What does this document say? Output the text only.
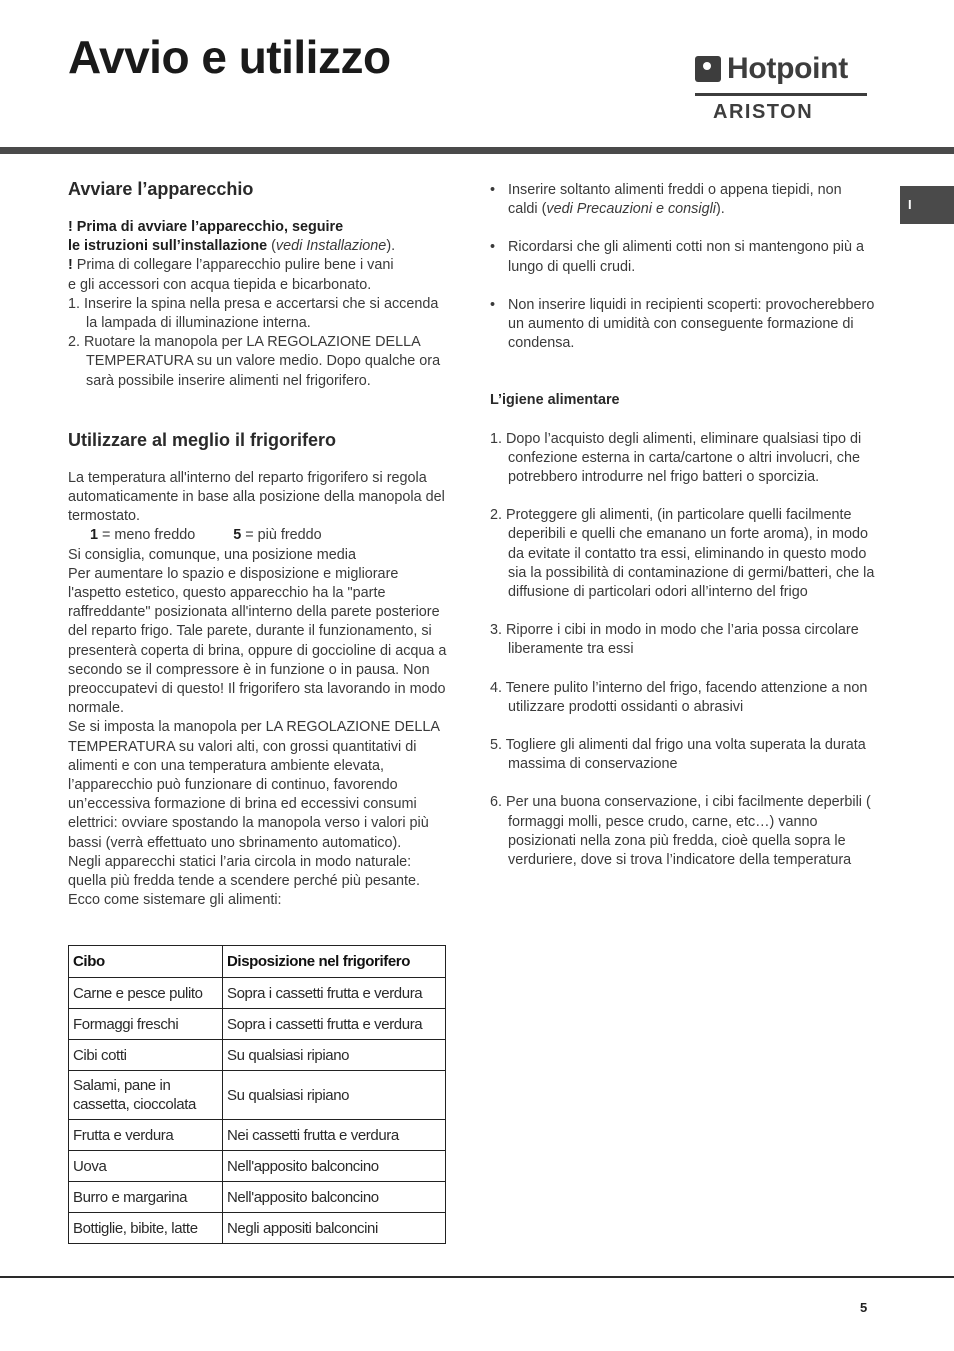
Avvio e utilizzo	Hotpoint
ARISTON
I
Avviare l’apparecchio

! Prima di avviare l’apparecchio, seguire
le istruzioni sull’installazione (vedi Installazione).

! Prima di collegare l’apparecchio pulire bene i vani
e gli accessori con acqua tiepida e bicarbonato.

1. Inserire la spina nella presa e accertarsi che si accenda la lampada di illuminazione interna.

2. Ruotare la manopola per LA REGOLAZIONE DELLA TEMPERATURA su un valore medio. Dopo qualche ora sarà possibile inserire alimenti nel frigorifero.

Utilizzare al meglio il frigorifero

La temperatura all'interno del reparto frigorifero si regola automaticamente in base alla posizione della manopola del termostato.

1 = meno freddo	5 = più freddo

Si consiglia, comunque, una posizione media

Per aumentare lo spazio e disposizione e migliorare l'aspetto estetico, questo apparecchio ha la "parte raffreddante" posizionata all'interno della parete posteriore del reparto frigo. Tale parete, durante il funzionamento, si presenterà coperta di brina, oppure di goccioline di acqua a secondo se il compressore è in funzione o in pausa. Non preoccupatevi di questo! Il frigorifero sta lavorando in modo normale.

Se si imposta la manopola per LA REGOLAZIONE DELLA TEMPERATURA su valori alti, con grossi quantitativi di alimenti e con una temperatura ambiente elevata, l’apparecchio può funzionare di continuo, favorendo un’eccessiva formazione di brina ed eccessivi consumi elettrici: ovviare spostando la manopola verso i valori più bassi (verrà effettuato uno sbrinamento automatico).

Negli apparecchi statici l’aria circola in modo naturale: quella più fredda tende a scendere perché più pesante. Ecco come sistemare gli alimenti:

Cibo	Disposizione nel frigorifero
Carne e pesce pulito	Sopra i cassetti frutta e verdura
Formaggi freschi	Sopra i cassetti frutta e verdura
Cibi cotti	Su qualsiasi ripiano
Salami, pane in cassetta, cioccolata	Su qualsiasi ripiano
Frutta e verdura	Nei cassetti frutta e verdura
Uova	Nell'apposito balconcino
Burro e margarina	Nell'apposito balconcino
Bottiglie, bibite, latte	Negli appositi balconcini
• Inserire soltanto alimenti freddi o appena tiepidi, non caldi (vedi Precauzioni e consigli).
• Ricordarsi che gli alimenti cotti non si mantengono più a lungo di quelli crudi.
• Non inserire liquidi in recipienti scoperti: provocherebbero un aumento di umidità con conseguente formazione di condensa.

L’igiene alimentare

1. Dopo l’acquisto degli alimenti, eliminare qualsiasi tipo di confezione esterna in carta/cartone o altri involucri, che potrebbero introdurre nel frigo batteri o sporcizia.

2. Proteggere gli alimenti, (in particolare quelli facilmente deperibili e quelli che emanano un forte aroma), in modo da evitate il contatto tra essi, eliminando in questo modo sia la possibilità di contaminazione di germi/batteri, che la diffusione di particolari odori all’interno del frigo

3. Riporre i cibi in modo in modo che l’aria possa circolare liberamente tra essi

4. Tenere pulito l’interno del frigo, facendo attenzione a non utilizzare prodotti ossidanti o abrasivi

5. Togliere gli alimenti dal frigo una volta superata la durata massima di conservazione

6. Per una buona conservazione, i cibi facilmente deperbili ( formaggi molli, pesce crudo, carne, etc…) vanno posizionati nella zona più fredda, cioè quella sopra le verduriere, dove si trova l’indicatore della temperatura

5
